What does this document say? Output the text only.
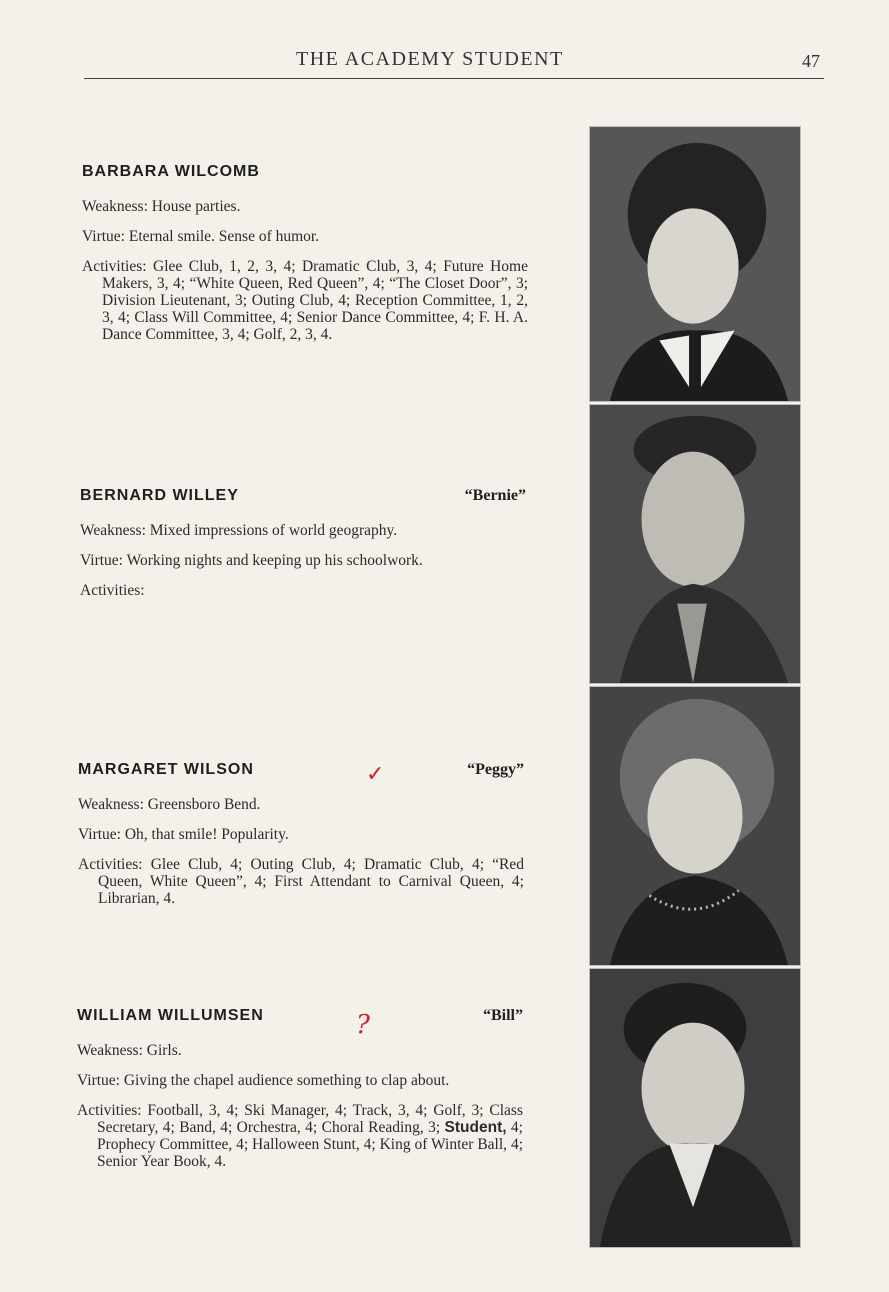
THE ACADEMY STUDENT	47
BARBARA WILCOMB
Weakness: House parties.
Virtue: Eternal smile. Sense of humor.
Activities: Glee Club, 1, 2, 3, 4; Dramatic Club, 3, 4; Future Home Makers, 3, 4; “White Queen, Red Queen”, 4; “The Closet Door”, 3; Division Lieutenant, 3; Outing Club, 4; Reception Committee, 1, 2, 3, 4; Class Will Committee, 4; Senior Dance Committee, 4; F. H. A. Dance Committee, 3, 4; Golf, 2, 3, 4.
BERNARD WILLEY	“Bernie”
Weakness: Mixed impressions of world geography.
Virtue: Working nights and keeping up his schoolwork.
Activities:
MARGARET WILSON	“Peggy”
Weakness: Greensboro Bend.
Virtue: Oh, that smile! Popularity.
Activities: Glee Club, 4; Outing Club, 4; Dramatic Club, 4; “Red Queen, White Queen”, 4; First Attendant to Carnival Queen, 4; Librarian, 4.
WILLIAM WILLUMSEN	“Bill”
Weakness: Girls.
Virtue: Giving the chapel audience something to clap about.
Activities: Football, 3, 4; Ski Manager, 4; Track, 3, 4; Golf, 3; Class Secretary, 4; Band, 4; Orchestra, 4; Choral Reading, 3; Student, 4; Prophecy Committee, 4; Halloween Stunt, 4; King of Winter Ball, 4; Senior Year Book, 4.
✓
?
